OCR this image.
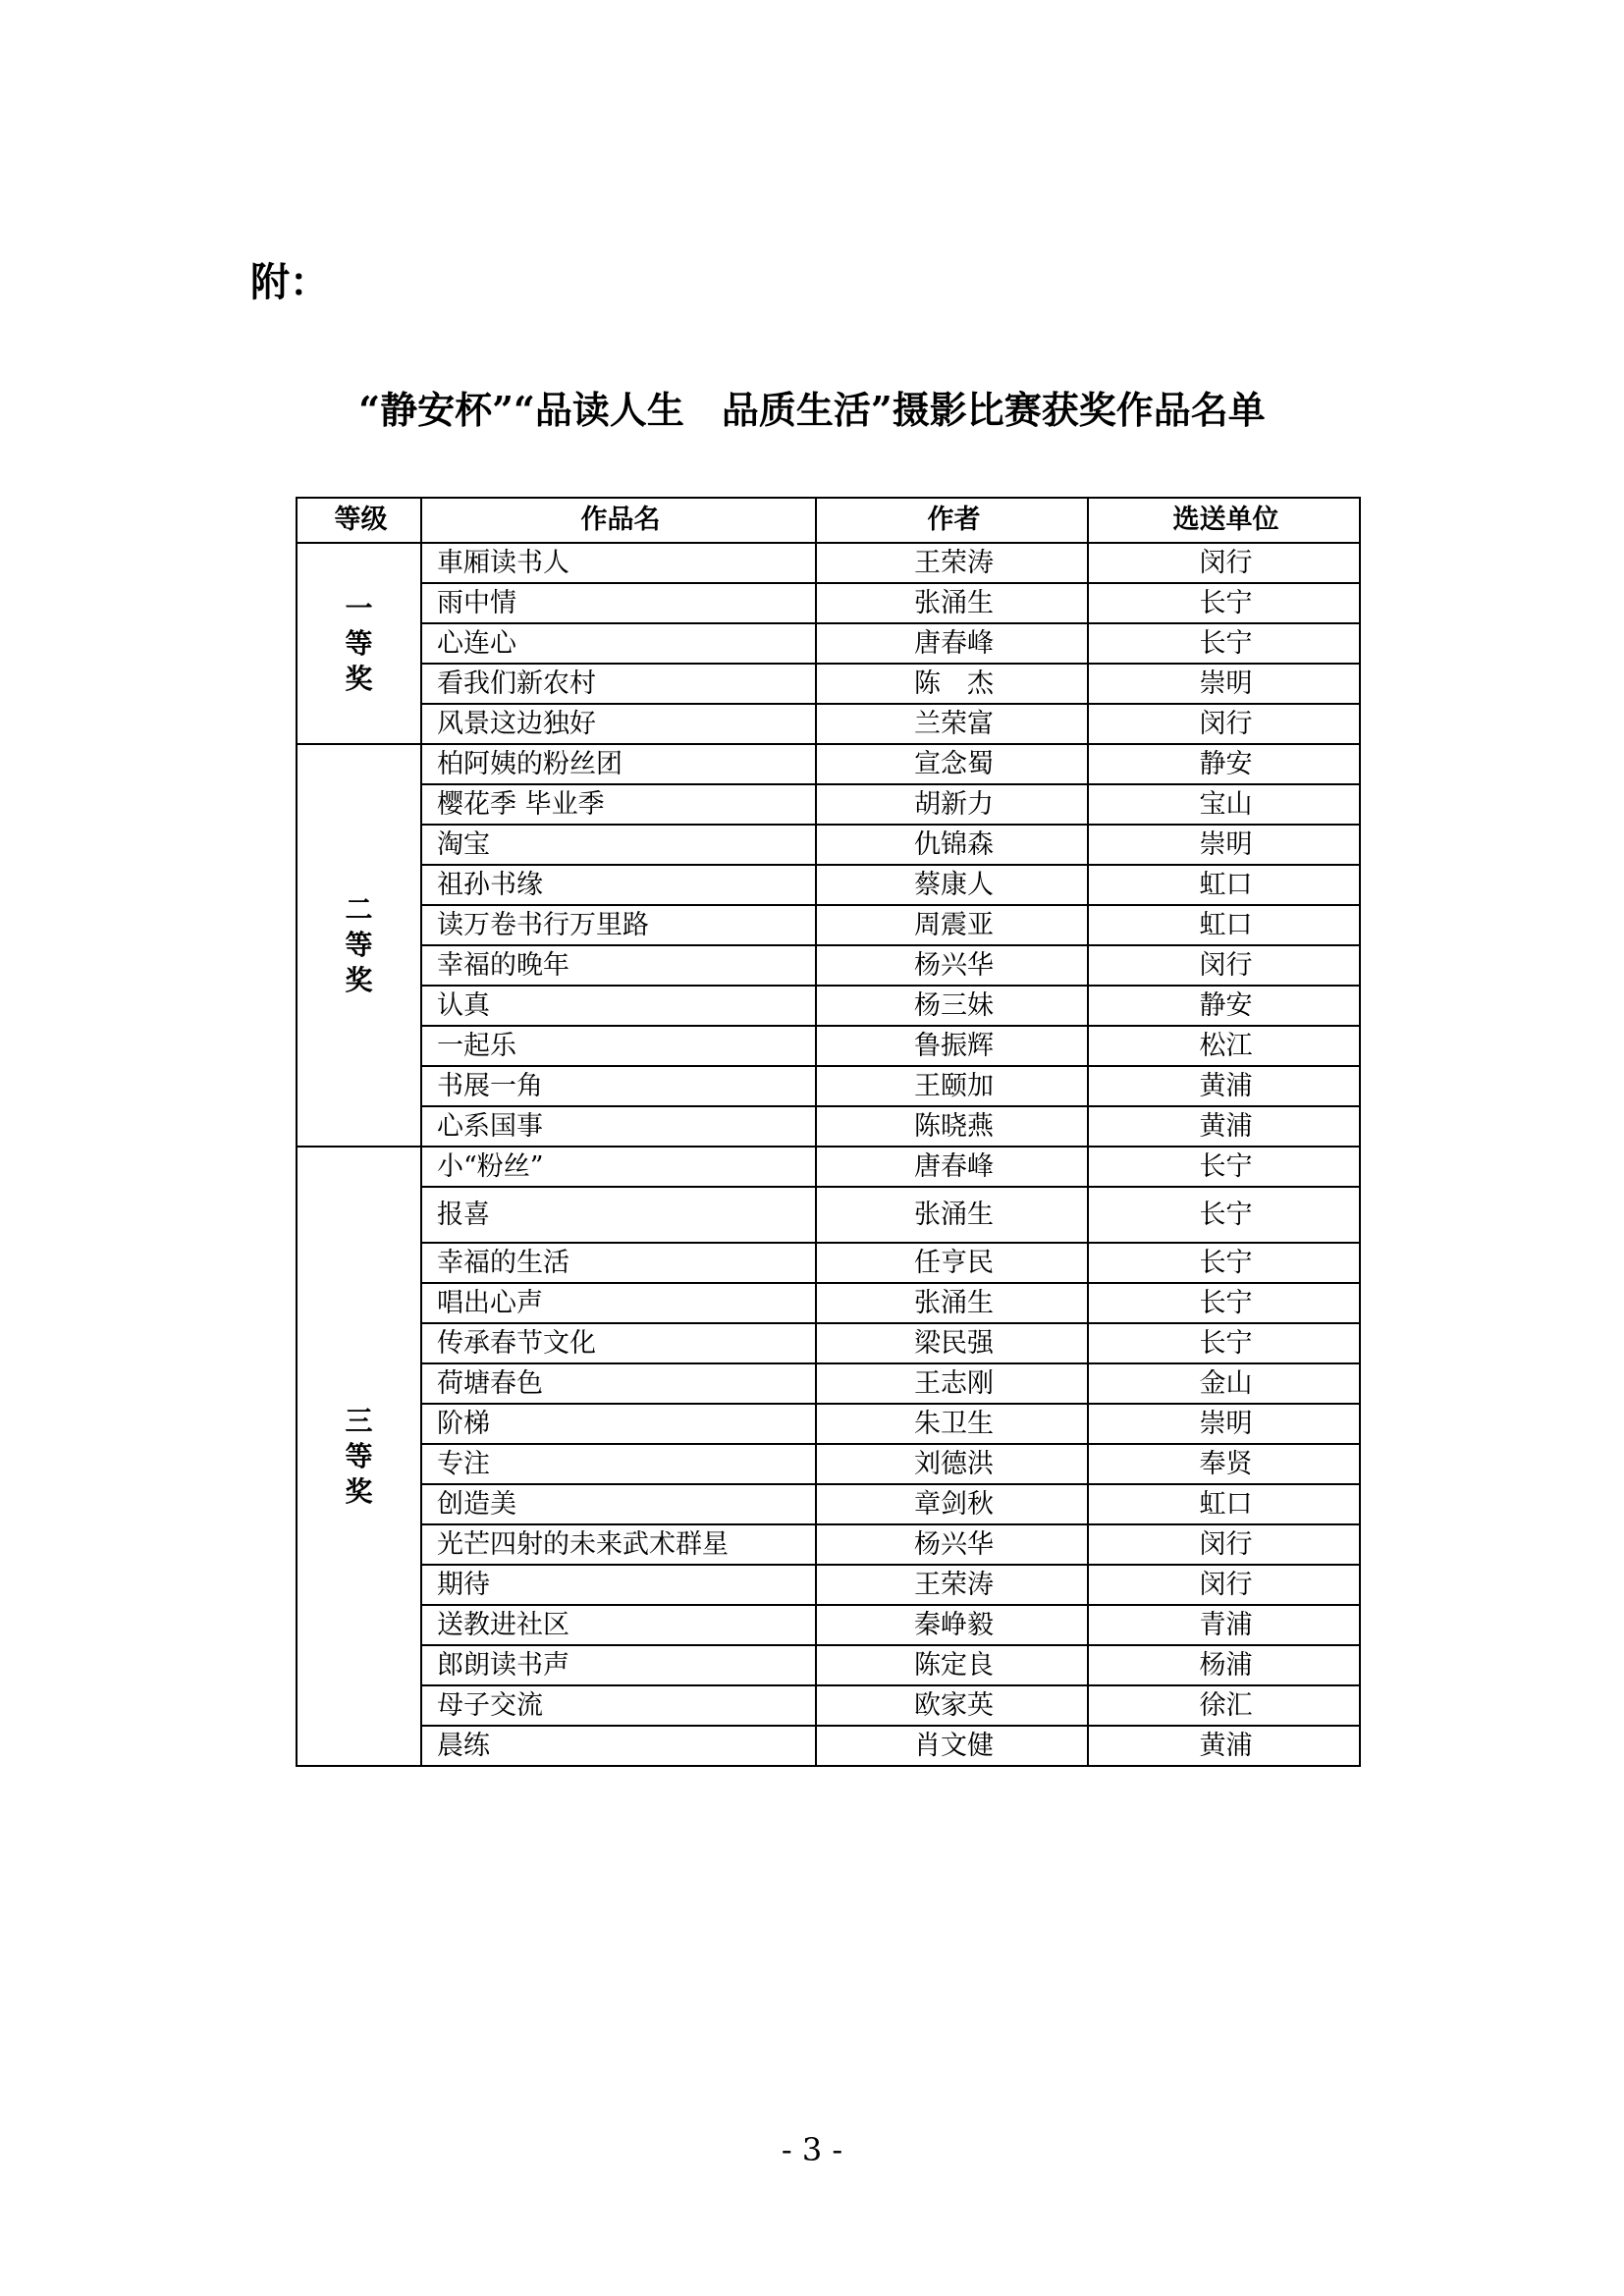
附：
“静安杯”“品读人生　品质生活”摄影比赛获奖作品名单
等级	作品名	作者	选送单位
一等奖	車厢读书人	王荣涛	闵行
	雨中情	张涌生	长宁
	心连心	唐春峰	长宁
	看我们新农村	陈　杰	崇明
	风景这边独好	兰荣富	闵行
二等奖	柏阿姨的粉丝团	宣念蜀	静安
	樱花季 毕业季	胡新力	宝山
	淘宝	仇锦森	崇明
	祖孙书缘	蔡康人	虹口
	读万卷书行万里路	周震亚	虹口
	幸福的晚年	杨兴华	闵行
	认真	杨三妹	静安
	一起乐	鲁振辉	松江
	书展一角	王颐加	黄浦
	心系国事	陈晓燕	黄浦
三等奖	小“粉丝”	唐春峰	长宁
	报喜	张涌生	长宁
	幸福的生活	任亨民	长宁
	唱出心声	张涌生	长宁
	传承春节文化	梁民强	长宁
	荷塘春色	王志刚	金山
	阶梯	朱卫生	崇明
	专注	刘德洪	奉贤
	创造美	章剑秋	虹口
	光芒四射的未来武术群星	杨兴华	闵行
	期待	王荣涛	闵行
	送教进社区	秦峥毅	青浦
	郎朗读书声	陈定良	杨浦
	母子交流	欧家英	徐汇
	晨练	肖文健	黄浦
- 3 -
